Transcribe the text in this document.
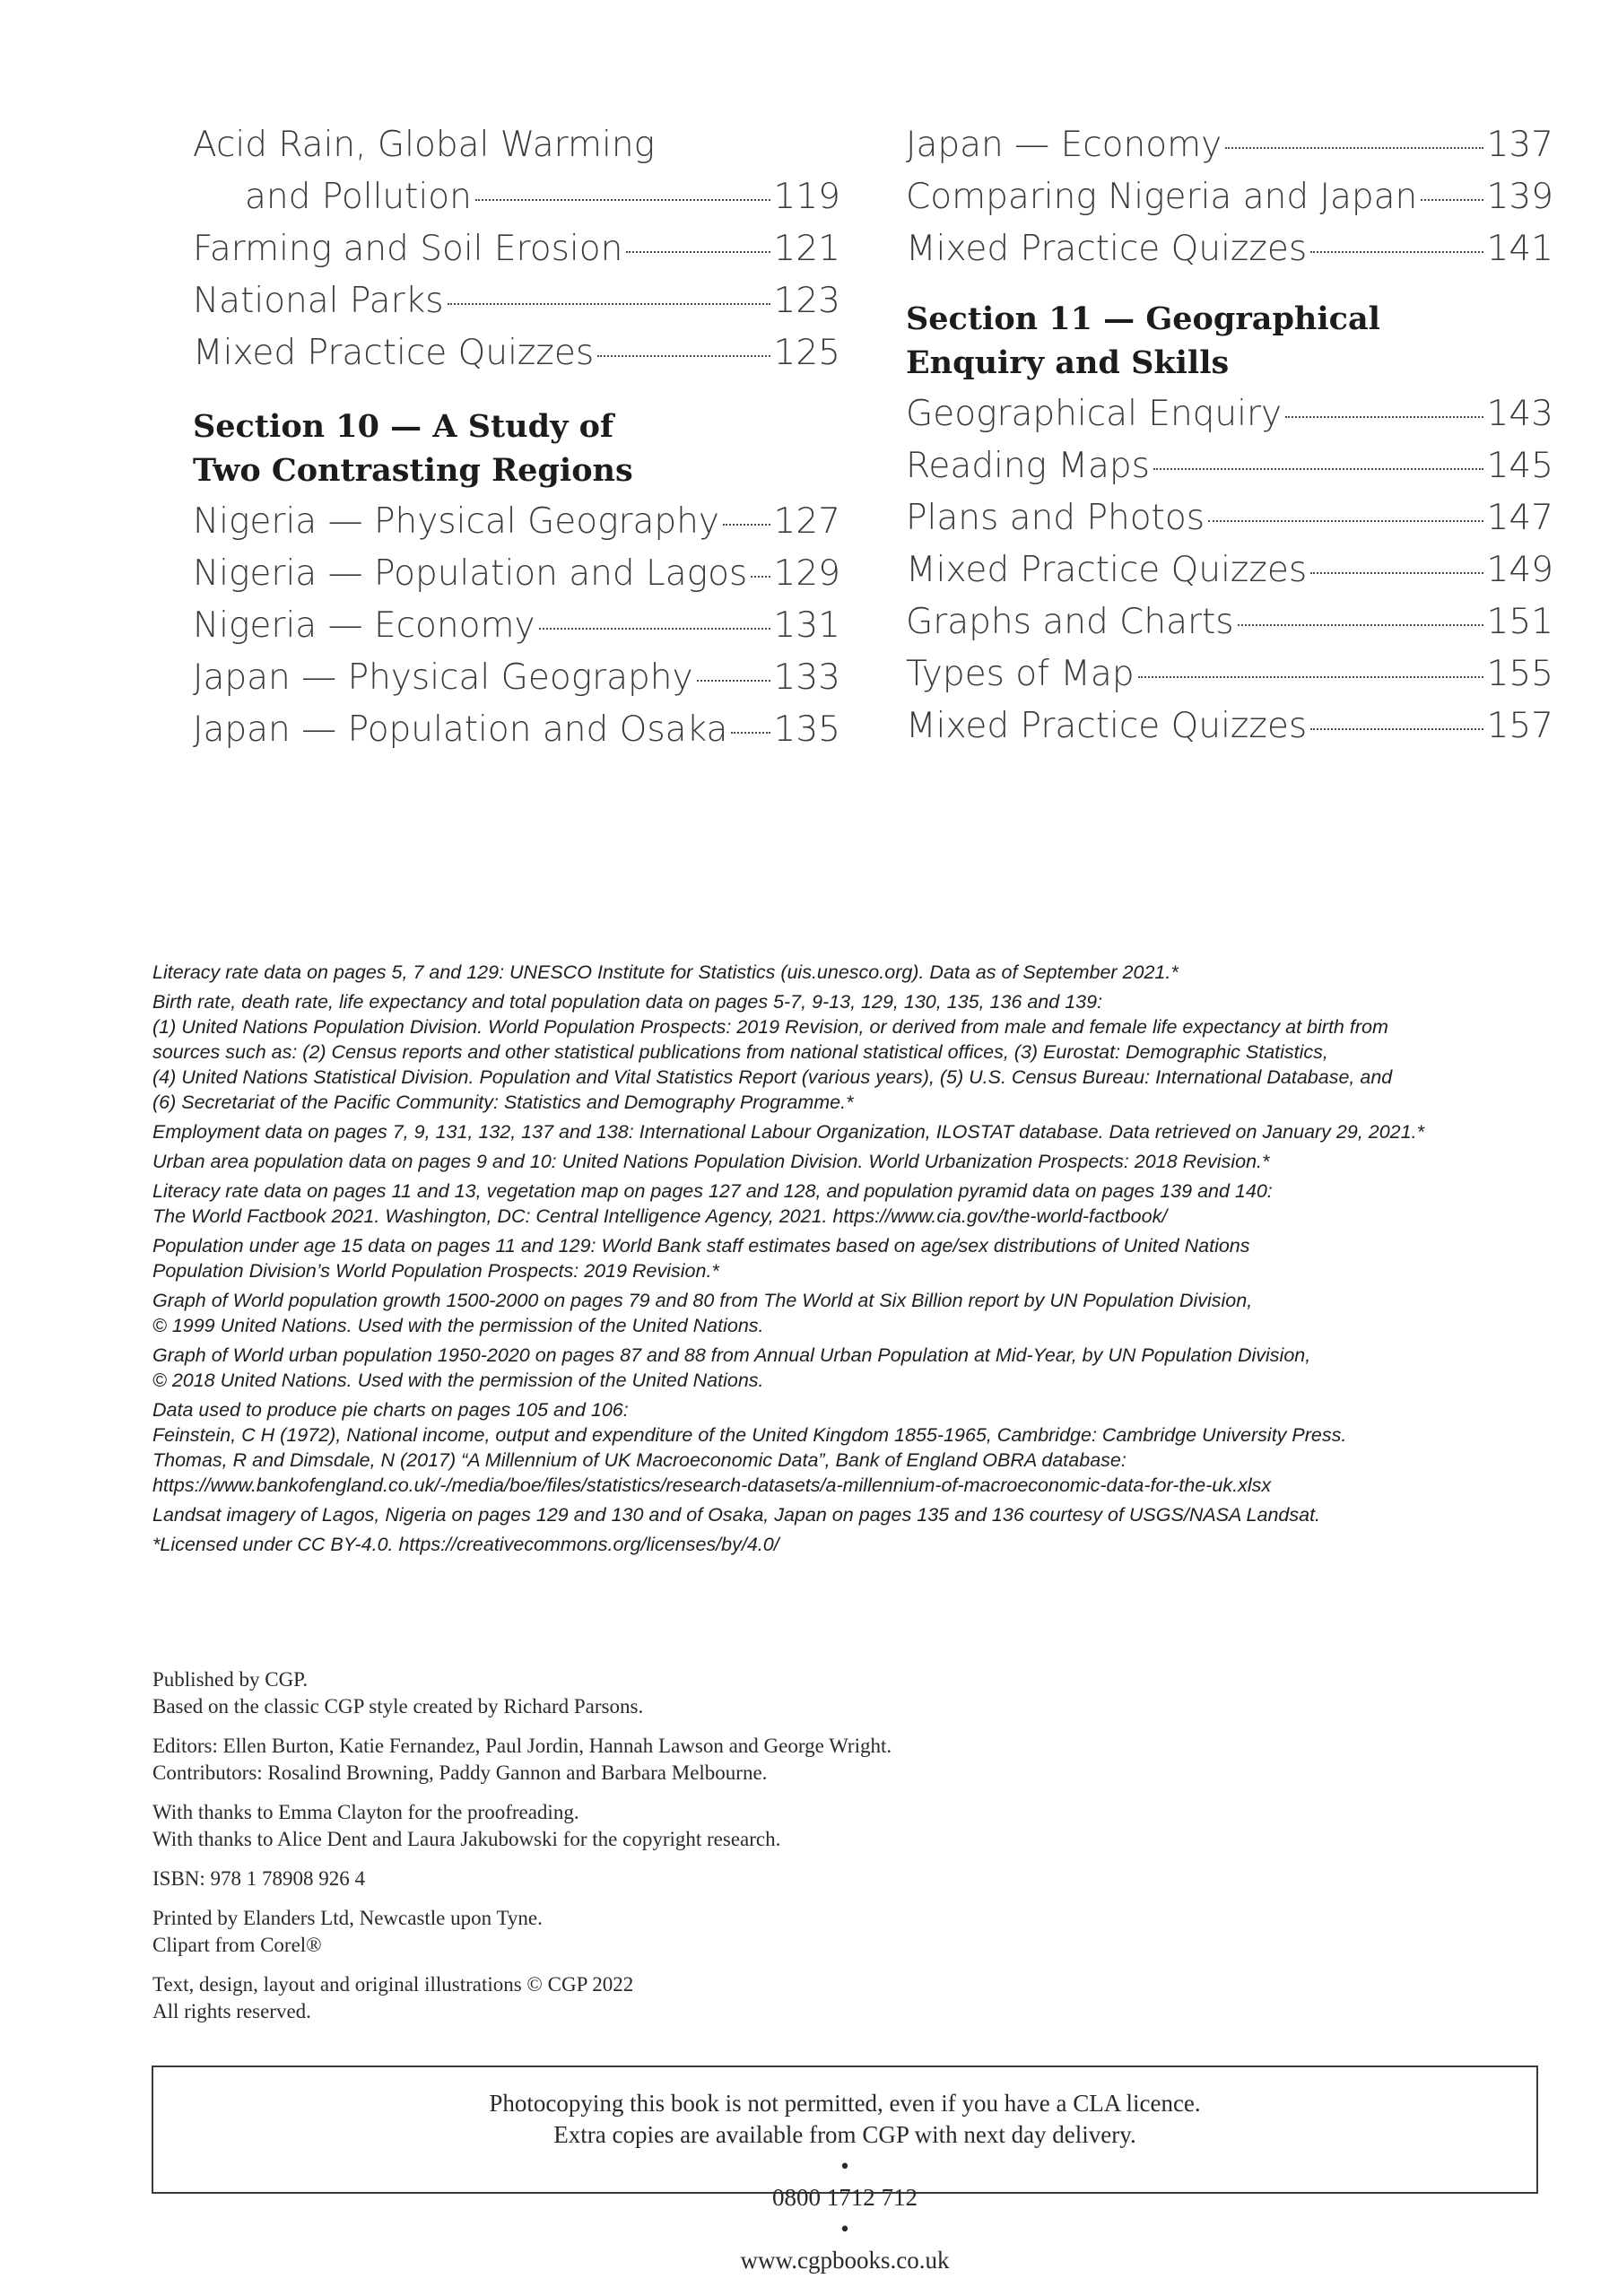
Acid Rain, Global Warming
and Pollution	119
Farming and Soil Erosion	121
National Parks	123
Mixed Practice Quizzes	125
Section 10 — A Study of
Two Contrasting Regions
Nigeria — Physical Geography 127
Nigeria — Population and Lagos 129
Nigeria — Economy	131
Japan — Physical Geography 133
Japan — Population and Osaka 135
Japan — Economy	137
Comparing Nigeria and Japan 139
Mixed Practice Quizzes	141
Section 11 — Geographical
Enquiry and Skills
Geographical Enquiry	143
Reading Maps	145
Plans and Photos	147
Mixed Practice Quizzes	149
Graphs and Charts	151
Types of Map	155
Mixed Practice Quizzes	157

Literacy rate data on pages 5, 7 and 129: UNESCO Institute for Statistics (uis.unesco.org). Data as of September 2021.*

Birth rate, death rate, life expectancy and total population data on pages 5-7, 9-13, 129, 130, 135, 136 and 139:
(1) United Nations Population Division. World Population Prospects: 2019 Revision, or derived from male and female life expectancy at birth from
sources such as: (2) Census reports and other statistical publications from national statistical offices, (3) Eurostat: Demographic Statistics,
(4) United Nations Statistical Division. Population and Vital Statistics Report (various years), (5) U.S. Census Bureau: International Database, and
(6) Secretariat of the Pacific Community: Statistics and Demography Programme.*

Employment data on pages 7, 9, 131, 132, 137 and 138: International Labour Organization, ILOSTAT database. Data retrieved on January 29, 2021.*

Urban area population data on pages 9 and 10: United Nations Population Division. World Urbanization Prospects: 2018 Revision.*

Literacy rate data on pages 11 and 13, vegetation map on pages 127 and 128, and population pyramid data on pages 139 and 140:
The World Factbook 2021. Washington, DC: Central Intelligence Agency, 2021. https://www.cia.gov/the-world-factbook/

Population under age 15 data on pages 11 and 129: World Bank staff estimates based on age/sex distributions of United Nations
Population Division’s World Population Prospects: 2019 Revision.*

Graph of World population growth 1500-2000 on pages 79 and 80 from The World at Six Billion report by UN Population Division,
© 1999 United Nations. Used with the permission of the United Nations.

Graph of World urban population 1950-2020 on pages 87 and 88 from Annual Urban Population at Mid-Year, by UN Population Division,
© 2018 United Nations. Used with the permission of the United Nations.

Data used to produce pie charts on pages 105 and 106:
Feinstein, C H (1972), National income, output and expenditure of the United Kingdom 1855-1965, Cambridge: Cambridge University Press.
Thomas, R and Dimsdale, N (2017) “A Millennium of UK Macroeconomic Data”, Bank of England OBRA database:
https://www.bankofengland.co.uk/-/media/boe/files/statistics/research-datasets/a-millennium-of-macroeconomic-data-for-the-uk.xlsx

Landsat imagery of Lagos, Nigeria on pages 129 and 130 and of Osaka, Japan on pages 135 and 136 courtesy of USGS/NASA Landsat.

*Licensed under CC BY-4.0. https://creativecommons.org/licenses/by/4.0/

Published by CGP.
Based on the classic CGP style created by Richard Parsons.
Editors: Ellen Burton, Katie Fernandez, Paul Jordin, Hannah Lawson and George Wright.
Contributors: Rosalind Browning, Paddy Gannon and Barbara Melbourne.
With thanks to Emma Clayton for the proofreading.
With thanks to Alice Dent and Laura Jakubowski for the copyright research.
ISBN: 978 1 78908 926 4
Printed by Elanders Ltd, Newcastle upon Tyne.
Clipart from Corel®
Text, design, layout and original illustrations © CGP 2022
All rights reserved.
Photocopying this book is not permitted, even if you have a CLA licence.
Extra copies are available from CGP with next day delivery.
•
0800 1712 712
•
www.cgpbooks.co.uk
